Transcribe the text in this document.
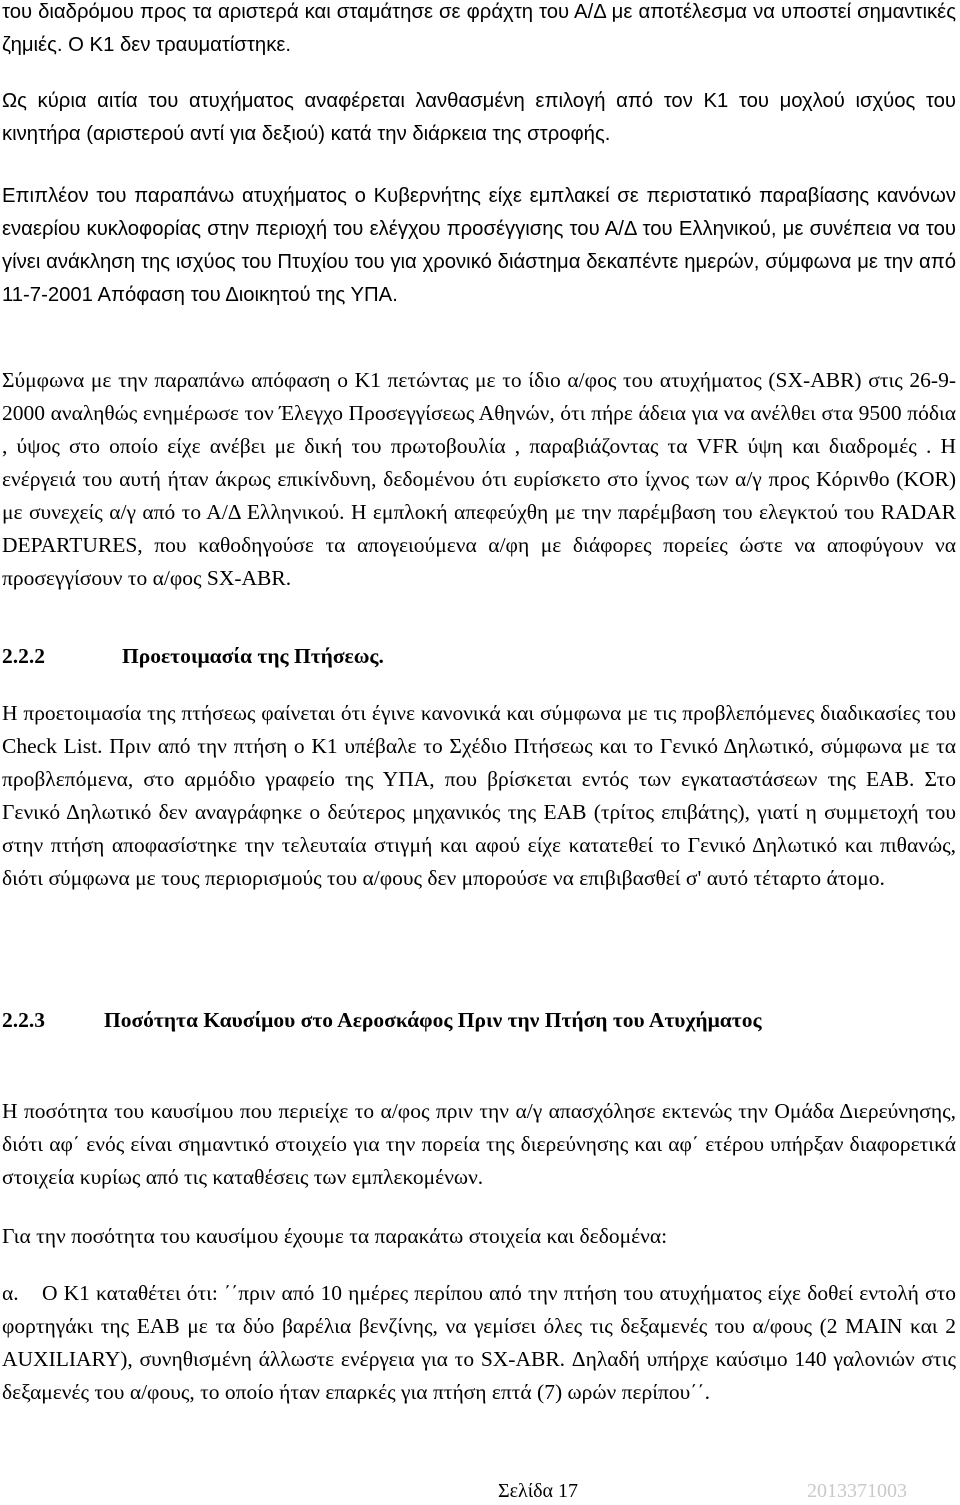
του διαδρόμου προς τα αριστερά και σταμάτησε σε φράχτη του Α/Δ με αποτέλεσμα να υποστεί σημαντικές ζημιές. Ο Κ1 δεν τραυματίστηκε.

Ως κύρια αιτία του ατυχήματος αναφέρεται λανθασμένη επιλογή από τον Κ1 του μοχλού ισχύος του κινητήρα (αριστερού αντί για δεξιού) κατά την διάρκεια της στροφής.

Επιπλέον του παραπάνω ατυχήματος ο Κυβερνήτης είχε εμπλακεί σε περιστατικό παραβίασης κανόνων εναερίου κυκλοφορίας στην περιοχή του ελέγχου προσέγγισης του Α/Δ του Ελληνικού, με συνέπεια να του γίνει ανάκληση της ισχύος του Πτυχίου του για χρονικό διάστημα δεκαπέντε ημερών, σύμφωνα με την από 11-7-2001 Απόφαση του Διοικητού της ΥΠΑ.

Σύμφωνα με την παραπάνω απόφαση ο Κ1 πετώντας με το ίδιο α/φος του ατυχήματος (SX-ABR) στις 26-9-2000 αναληθώς ενημέρωσε τον Έλεγχο Προσεγγίσεως Αθηνών, ότι πήρε άδεια για να ανέλθει στα 9500 πόδια , ύψος στο οποίο είχε ανέβει με δική του πρωτοβουλία , παραβιάζοντας τα VFR ύψη και διαδρομές . Η ενέργειά του αυτή ήταν άκρως επικίνδυνη, δεδομένου ότι ευρίσκετο στο ίχνος των α/γ προς Κόρινθο (KOR) με συνεχείς α/γ από το Α/Δ Ελληνικού. Η εμπλοκή απεφεύχθη με την παρέμβαση του ελεγκτού του RADAR DEPARTURES, που καθοδηγούσε τα απογειούμενα α/φη με διάφορες πορείες ώστε να αποφύγουν να προσεγγίσουν το α/φος SX-ABR.

2.2.2	Προετοιμασία της Πτήσεως.

Η προετοιμασία της πτήσεως φαίνεται ότι έγινε κανονικά και σύμφωνα με τις προβλεπόμενες διαδικασίες του Check List. Πριν από την πτήση ο Κ1 υπέβαλε το Σχέδιο Πτήσεως και το Γενικό Δηλωτικό, σύμφωνα με τα προβλεπόμενα, στο αρμόδιο γραφείο της ΥΠΑ, που βρίσκεται εντός των εγκαταστάσεων της ΕΑΒ. Στο Γενικό Δηλωτικό δεν αναγράφηκε ο δεύτερος μηχανικός της ΕΑΒ (τρίτος επιβάτης), γιατί η συμμετοχή του στην πτήση αποφασίστηκε την τελευταία στιγμή και αφού είχε κατατεθεί το Γενικό Δηλωτικό και πιθανώς, διότι σύμφωνα με τους περιορισμούς του α/φους δεν μπορούσε να επιβιβασθεί σ' αυτό τέταρτο άτομο.

2.2.3	Ποσότητα Καυσίμου στο Αεροσκάφος Πριν την Πτήση του Ατυχήματος

Η ποσότητα του καυσίμου που περιείχε το α/φος πριν την α/γ απασχόλησε εκτενώς την Ομάδα Διερεύνησης, διότι αφ΄ ενός είναι σημαντικό στοιχείο για την πορεία της διερεύνησης και αφ΄ ετέρου υπήρξαν διαφορετικά στοιχεία κυρίως από τις καταθέσεις των εμπλεκομένων.

Για την ποσότητα του καυσίμου έχουμε τα παρακάτω στοιχεία και δεδομένα:

α. Ο Κ1 καταθέτει ότι: ΄΄πριν από 10 ημέρες περίπου από την πτήση του ατυχήματος είχε δοθεί εντολή στο φορτηγάκι της ΕΑΒ με τα δύο βαρέλια βενζίνης, να γεμίσει όλες τις δεξαμενές του α/φους (2 MAIN και 2 AUXILIARY), συνηθισμένη άλλωστε ενέργεια για το SX-ABR. Δηλαδή υπήρχε καύσιμο 140 γαλονιών στις δεξαμενές του α/φους, το οποίο ήταν επαρκές για πτήση επτά (7) ωρών περίπου΄΄.

Σελίδα 17	2013371003
